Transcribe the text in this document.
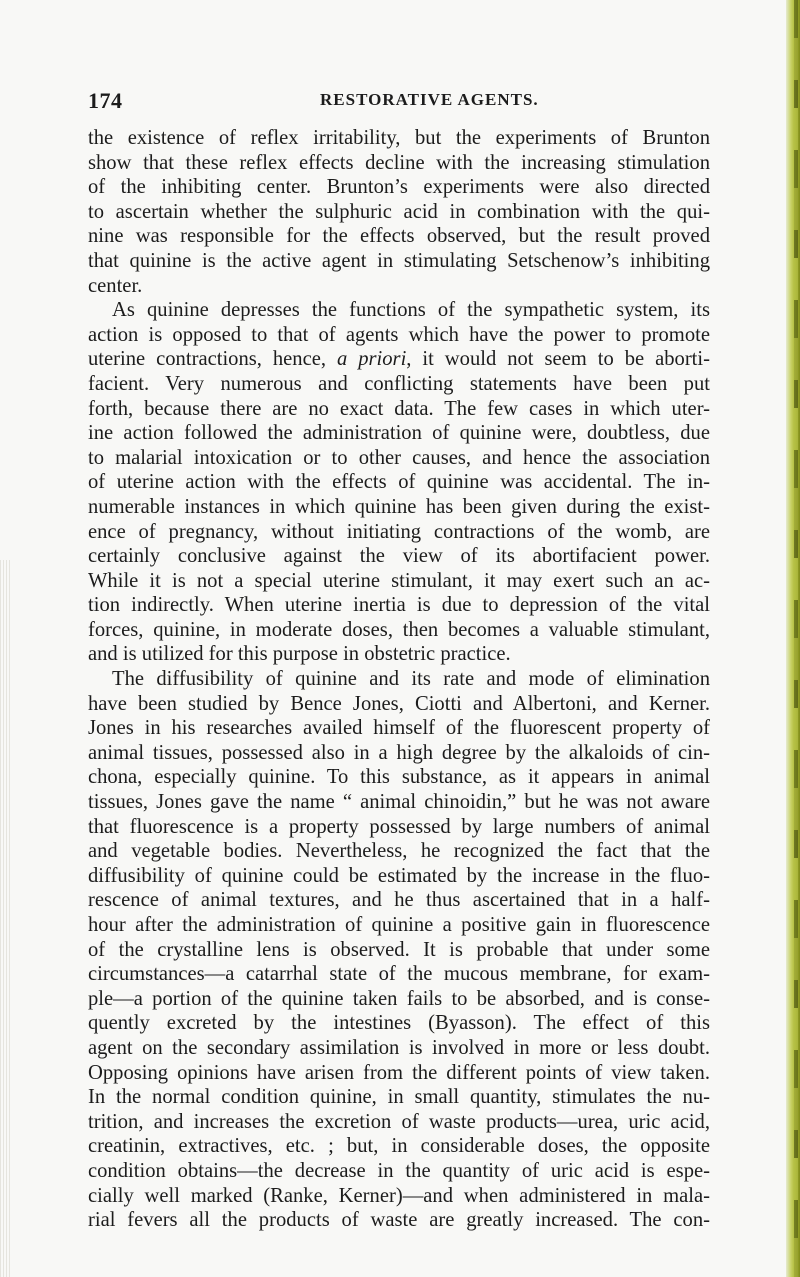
174	RESTORATIVE AGENTS.
the existence of reflex irritability, but the experiments of Brunton
show that these reflex effects decline with the increasing stimulation
of the inhibiting center. Brunton’s experiments were also directed
to ascertain whether the sulphuric acid in combination with the qui-
nine was responsible for the effects observed, but the result proved
that quinine is the active agent in stimulating Setschenow’s inhibiting
center.
As quinine depresses the functions of the sympathetic system, its
action is opposed to that of agents which have the power to promote
uterine contractions, hence, a priori, it would not seem to be aborti-
facient. Very numerous and conflicting statements have been put
forth, because there are no exact data. The few cases in which uter-
ine action followed the administration of quinine were, doubtless, due
to malarial intoxication or to other causes, and hence the association
of uterine action with the effects of quinine was accidental. The in-
numerable instances in which quinine has been given during the exist-
ence of pregnancy, without initiating contractions of the womb, are
certainly conclusive against the view of its abortifacient power.
While it is not a special uterine stimulant, it may exert such an ac-
tion indirectly. When uterine inertia is due to depression of the vital
forces, quinine, in moderate doses, then becomes a valuable stimulant,
and is utilized for this purpose in obstetric practice.
The diffusibility of quinine and its rate and mode of elimination
have been studied by Bence Jones, Ciotti and Albertoni, and Kerner.
Jones in his researches availed himself of the fluorescent property of
animal tissues, possessed also in a high degree by the alkaloids of cin-
chona, especially quinine. To this substance, as it appears in animal
tissues, Jones gave the name “ animal chinoidin,” but he was not aware
that fluorescence is a property possessed by large numbers of animal
and vegetable bodies. Nevertheless, he recognized the fact that the
diffusibility of quinine could be estimated by the increase in the fluo-
rescence of animal textures, and he thus ascertained that in a half-
hour after the administration of quinine a positive gain in fluorescence
of the crystalline lens is observed. It is probable that under some
circumstances—a catarrhal state of the mucous membrane, for exam-
ple—a portion of the quinine taken fails to be absorbed, and is conse-
quently excreted by the intestines (Byasson). The effect of this
agent on the secondary assimilation is involved in more or less doubt.
Opposing opinions have arisen from the different points of view taken.
In the normal condition quinine, in small quantity, stimulates the nu-
trition, and increases the excretion of waste products—urea, uric acid,
creatinin, extractives, etc. ; but, in considerable doses, the opposite
condition obtains—the decrease in the quantity of uric acid is espe-
cially well marked (Ranke, Kerner)—and when administered in mala-
rial fevers all the products of waste are greatly increased. The con-
